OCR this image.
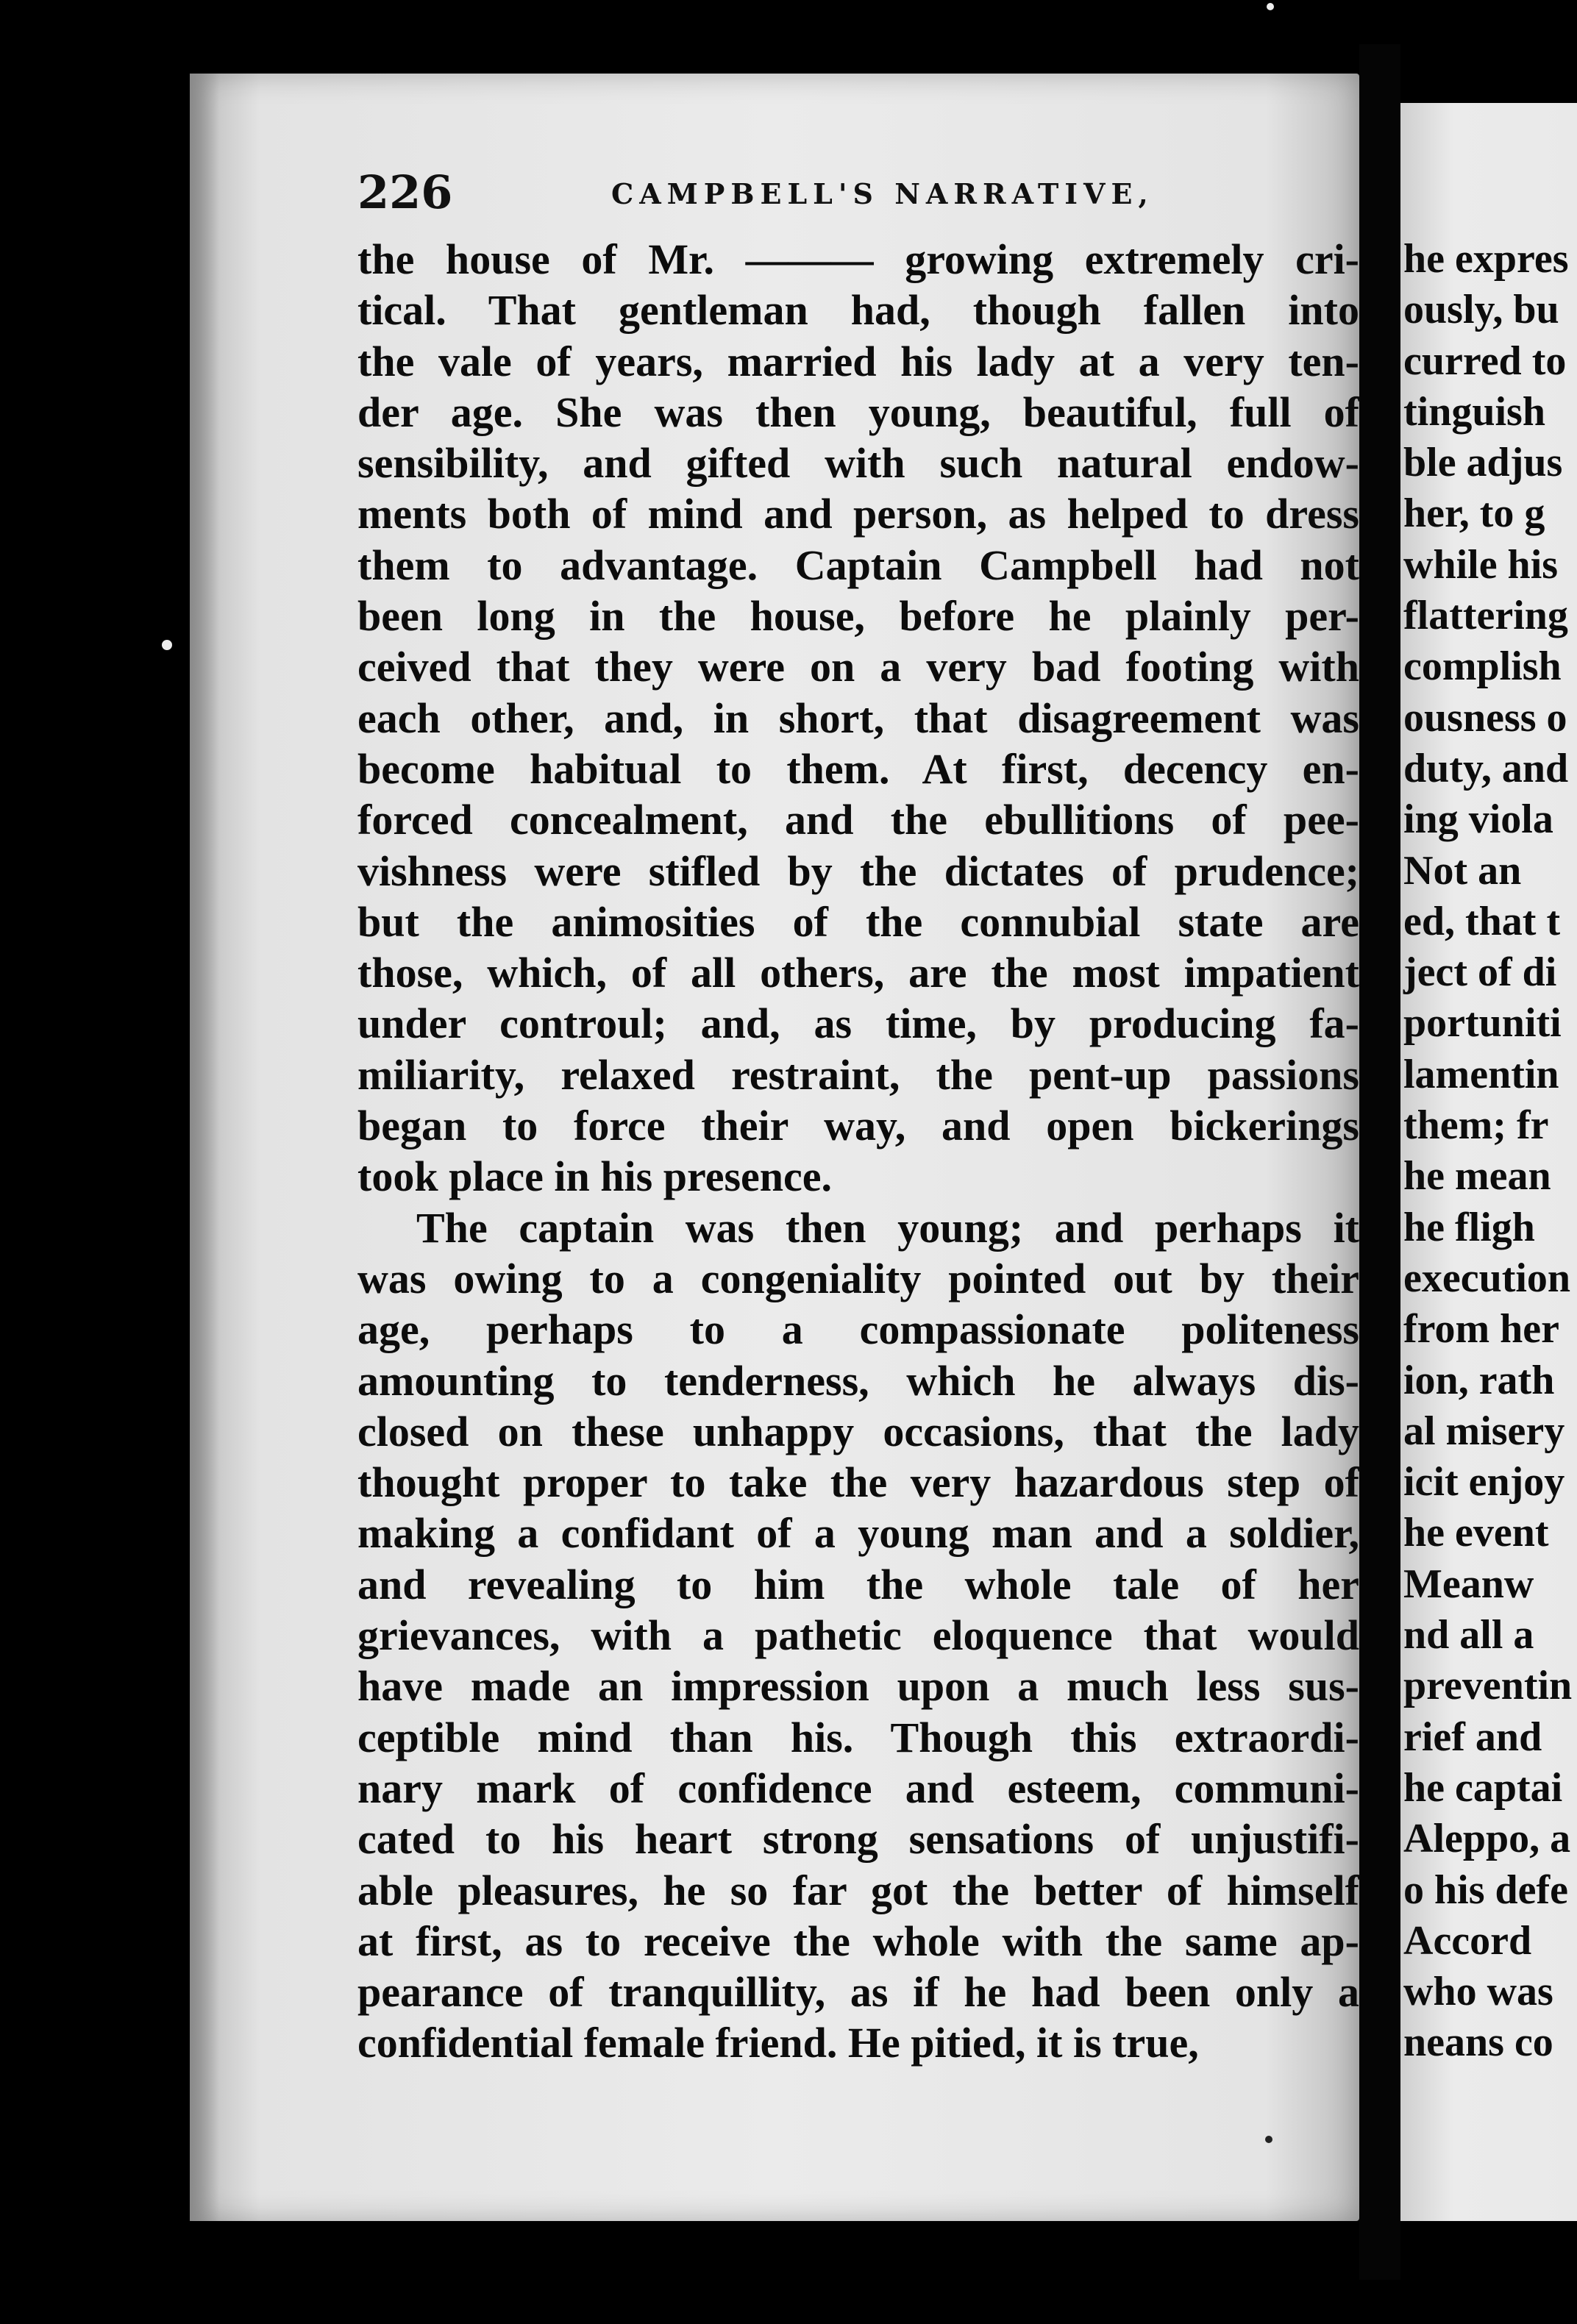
226	CAMPBELL'S NARRATIVE,
the house of Mr. ——— growing extremely cri-
tical. That gentleman had, though fallen into
the vale of years, married his lady at a very ten-
der age. She was then young, beautiful, full of
sensibility, and gifted with such natural endow-
ments both of mind and person, as helped to dress
them to advantage. Captain Campbell had not
been long in the house, before he plainly per-
ceived that they were on a very bad footing with
each other, and, in short, that disagreement was
become habitual to them. At first, decency en-
forced concealment, and the ebullitions of pee-
vishness were stifled by the dictates of prudence;
but the animosities of the connubial state are
those, which, of all others, are the most impatient
under controul; and, as time, by producing fa-
miliarity, relaxed restraint, the pent-up passions
began to force their way, and open bickerings
took place in his presence.
The captain was then young; and perhaps it
was owing to a congeniality pointed out by their
age, perhaps to a compassionate politeness
amounting to tenderness, which he always dis-
closed on these unhappy occasions, that the lady
thought proper to take the very hazardous step of
making a confidant of a young man and a soldier,
and revealing to him the whole tale of her
grievances, with a pathetic eloquence that would
have made an impression upon a much less sus-
ceptible mind than his. Though this extraordi-
nary mark of confidence and esteem, communi-
cated to his heart strong sensations of unjustifi-
able pleasures, he so far got the better of himself
at first, as to receive the whole with the same ap-
pearance of tranquillity, as if he had been only a
confidential female friend. He pitied, it is true,
he expres
ously, bu
curred to
tinguish
ble adjus
her, to g
while his
flattering
complish
ousness o
duty, and
ing viola
Not an
ed, that t
ject of di
portuniti
lamentin
them; fr
he mean
he fligh
execution
from her
ion, rath
al misery
icit enjoy
he event
Meanw
nd all a
preventin
rief and
he captai
Aleppo, a
o his defe
Accord
who was
neans co
